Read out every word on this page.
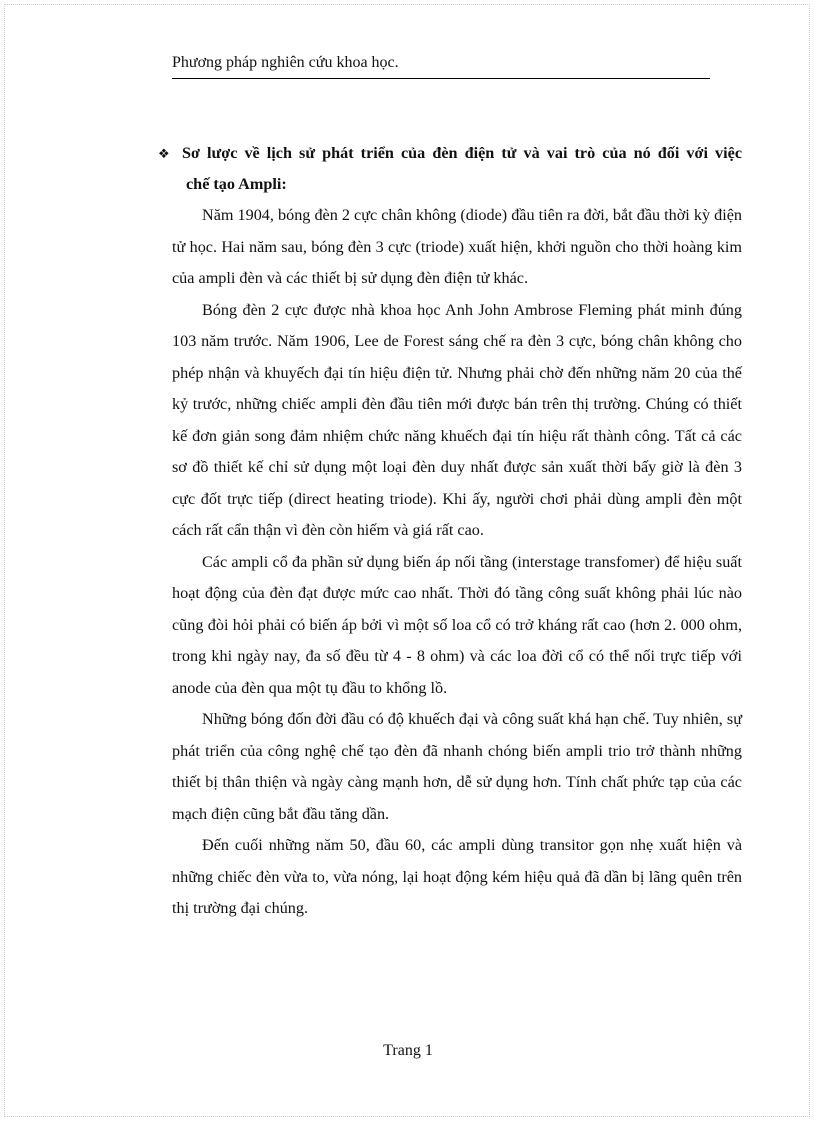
Phương pháp nghiên cứu khoa học.
❖ Sơ lược về lịch sử phát triển của đèn điện tử và vai trò của nó đối với việc
chế tạo Ampli:

Năm 1904, bóng đèn 2 cực chân không (diode) đầu tiên ra đời, bắt đầu thời kỳ điện tử học. Hai năm sau, bóng đèn 3 cực (triode) xuất hiện, khởi nguồn cho thời hoàng kim của ampli đèn và các thiết bị sử dụng đèn điện tử khác.

Bóng đèn 2 cực được nhà khoa học Anh John Ambrose Fleming phát minh đúng 103 năm trước. Năm 1906, Lee de Forest sáng chế ra đèn 3 cực, bóng chân không cho phép nhận và khuyếch đại tín hiệu điện tử. Nhưng phải chờ đến những năm 20 của thế kỷ trước, những chiếc ampli đèn đầu tiên mới được bán trên thị trường. Chúng có thiết kế đơn giản song đảm nhiệm chức năng khuếch đại tín hiệu rất thành công. Tất cả các sơ đồ thiết kế chỉ sử dụng một loại đèn duy nhất được sản xuất thời bấy giờ là đèn 3 cực đốt trực tiếp (direct heating triode). Khi ấy, người chơi phải dùng ampli đèn một cách rất cẩn thận vì đèn còn hiếm và giá rất cao.

Các ampli cổ đa phần sử dụng biến áp nối tầng (interstage transfomer) để hiệu suất hoạt động của đèn đạt được mức cao nhất. Thời đó tầng công suất không phải lúc nào cũng đòi hỏi phải có biến áp bởi vì một số loa cổ có trở kháng rất cao (hơn 2. 000 ohm, trong khi ngày nay, đa số đều từ 4 - 8 ohm) và các loa đời cổ có thể nối trực tiếp với anode của đèn qua một tụ đầu to khổng lồ.

Những bóng đốn đời đầu có độ khuếch đại và công suất khá hạn chế. Tuy nhiên, sự phát triển của công nghệ chế tạo đèn đã nhanh chóng biến ampli trio trở thành những thiết bị thân thiện và ngày càng mạnh hơn, dễ sử dụng hơn. Tính chất phức tạp của các mạch điện cũng bắt đầu tăng dần.

Đến cuối những năm 50, đầu 60, các ampli dùng transitor gọn nhẹ xuất hiện và những chiếc đèn vừa to, vừa nóng, lại hoạt động kém hiệu quả đã dần bị lãng quên trên thị trường đại chúng.

Trang 1
